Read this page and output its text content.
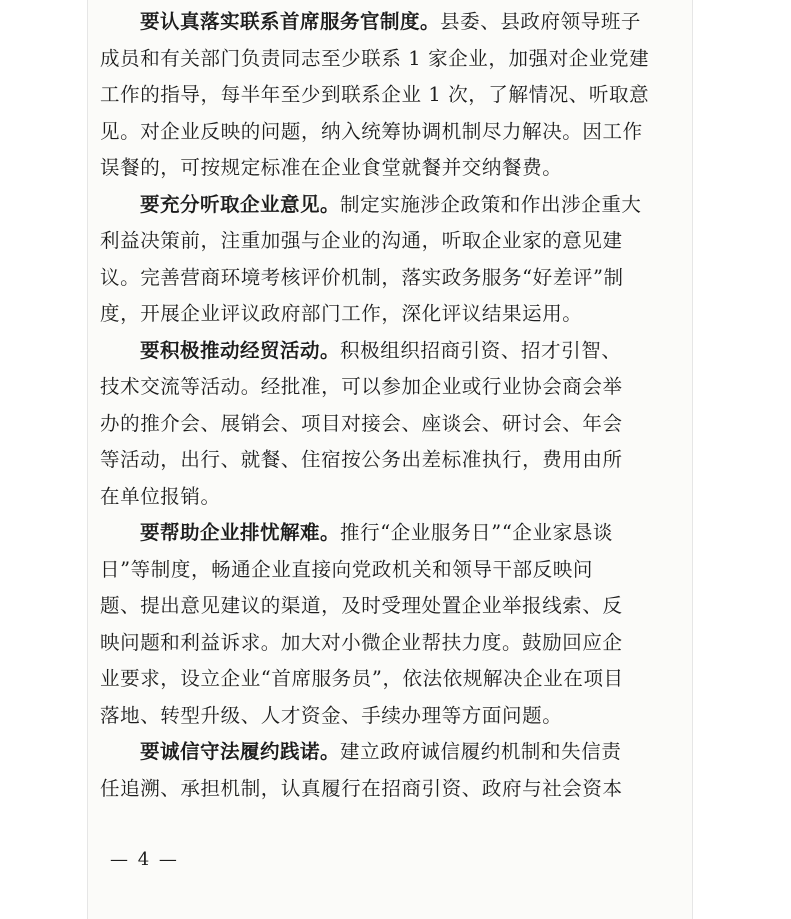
要认真落实联系首席服务官制度。县委、县政府领导班子
成员和有关部门负责同志至少联系 1 家企业，加强对企业党建
工作的指导，每半年至少到联系企业 1 次，了解情况、听取意
见。对企业反映的问题，纳入统筹协调机制尽力解决。因工作
误餐的，可按规定标准在企业食堂就餐并交纳餐费。
要充分听取企业意见。制定实施涉企政策和作出涉企重大
利益决策前，注重加强与企业的沟通，听取企业家的意见建
议。完善营商环境考核评价机制，落实政务服务“好差评”制
度，开展企业评议政府部门工作，深化评议结果运用。
要积极推动经贸活动。积极组织招商引资、招才引智、
技术交流等活动。经批准，可以参加企业或行业协会商会举
办的推介会、展销会、项目对接会、座谈会、研讨会、年会
等活动，出行、就餐、住宿按公务出差标准执行，费用由所
在单位报销。
要帮助企业排忧解难。推行“企业服务日”“企业家恳谈
日”等制度，畅通企业直接向党政机关和领导干部反映问
题、提出意见建议的渠道，及时受理处置企业举报线索、反
映问题和利益诉求。加大对小微企业帮扶力度。鼓励回应企
业要求，设立企业“首席服务员”，依法依规解决企业在项目
落地、转型升级、人才资金、手续办理等方面问题。
要诚信守法履约践诺。建立政府诚信履约机制和失信责
任追溯、承担机制，认真履行在招商引资、政府与社会资本
— 4 —
